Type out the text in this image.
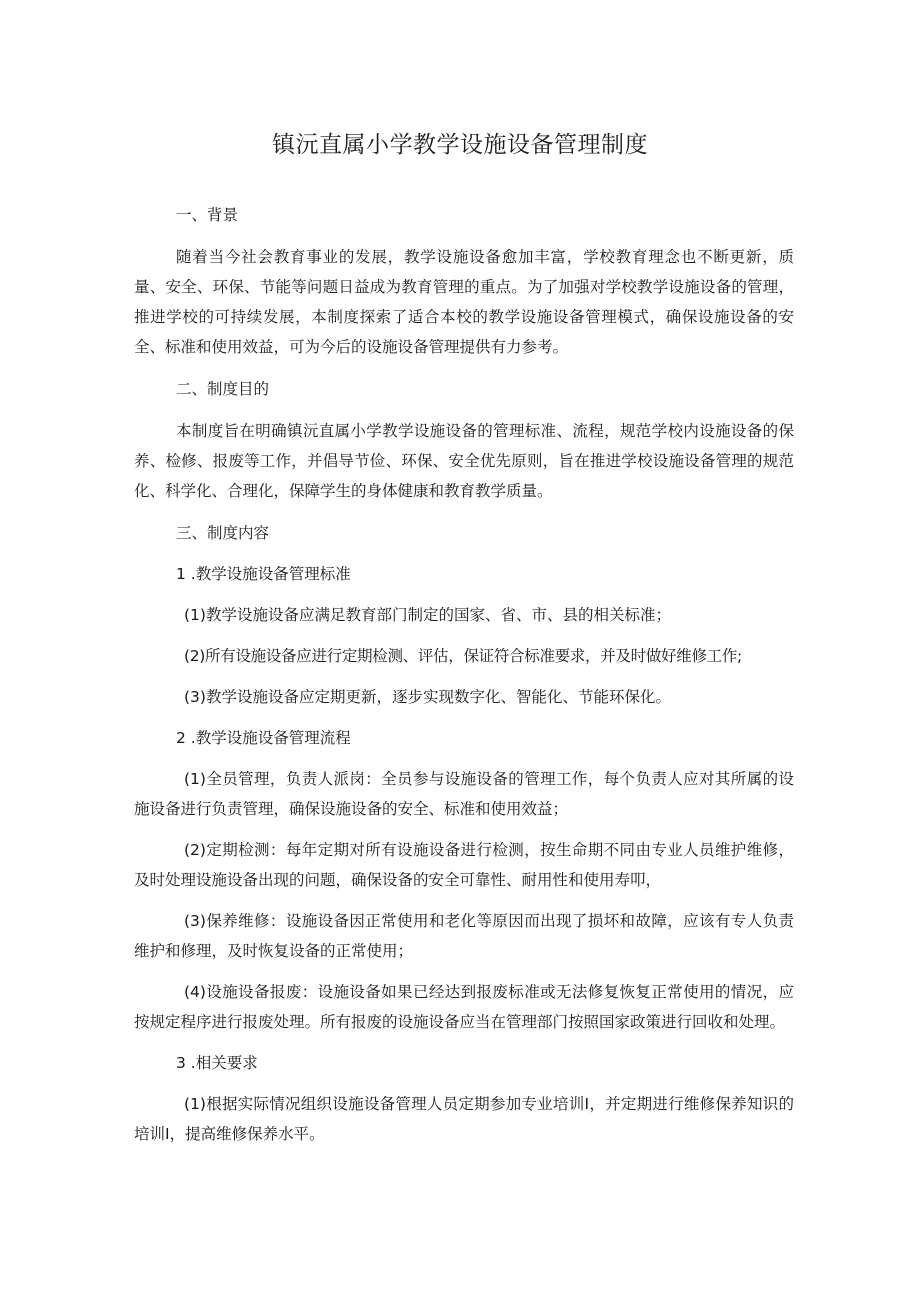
镇沅直属小学教学设施设备管理制度

一、背景

随着当今社会教育事业的发展，教学设施设备愈加丰富，学校教育理念也不断更新，质量、安全、环保、节能等问题日益成为教育管理的重点。为了加强对学校教学设施设备的管理，推进学校的可持续发展，本制度探索了适合本校的教学设施设备管理模式，确保设施设备的安全、标准和使用效益，可为今后的设施设备管理提供有力参考。

二、制度目的

本制度旨在明确镇沅直属小学教学设施设备的管理标准、流程，规范学校内设施设备的保养、检修、报废等工作，并倡导节俭、环保、安全优先原则，旨在推进学校设施设备管理的规范化、科学化、合理化，保障学生的身体健康和教育教学质量。

三、制度内容

1 .教学设施设备管理标准

(1)教学设施设备应满足教育部门制定的国家、省、市、县的相关标准；

(2)所有设施设备应进行定期检测、评估，保证符合标准要求，并及时做好维修工作;

(3)教学设施设备应定期更新，逐步实现数字化、智能化、节能环保化。

2 .教学设施设备管理流程

(1)全员管理，负责人派岗：全员参与设施设备的管理工作，每个负责人应对其所属的设施设备进行负责管理，确保设施设备的安全、标准和使用效益；

(2)定期检测：每年定期对所有设施设备进行检测，按生命期不同由专业人员维护维修，及时处理设施设备出现的问题，确保设备的安全可靠性、耐用性和使用寿叩，

(3)保养维修：设施设备因正常使用和老化等原因而出现了损坏和故障，应该有专人负责维护和修理，及时恢复设备的正常使用；

(4)设施设备报废：设施设备如果已经达到报废标准或无法修复恢复正常使用的情况，应按规定程序进行报废处理。所有报废的设施设备应当在管理部门按照国家政策进行回收和处理。

3 .相关要求

(1)根据实际情况组织设施设备管理人员定期参加专业培训I，并定期进行维修保养知识的培训I，提高维修保养水平。
